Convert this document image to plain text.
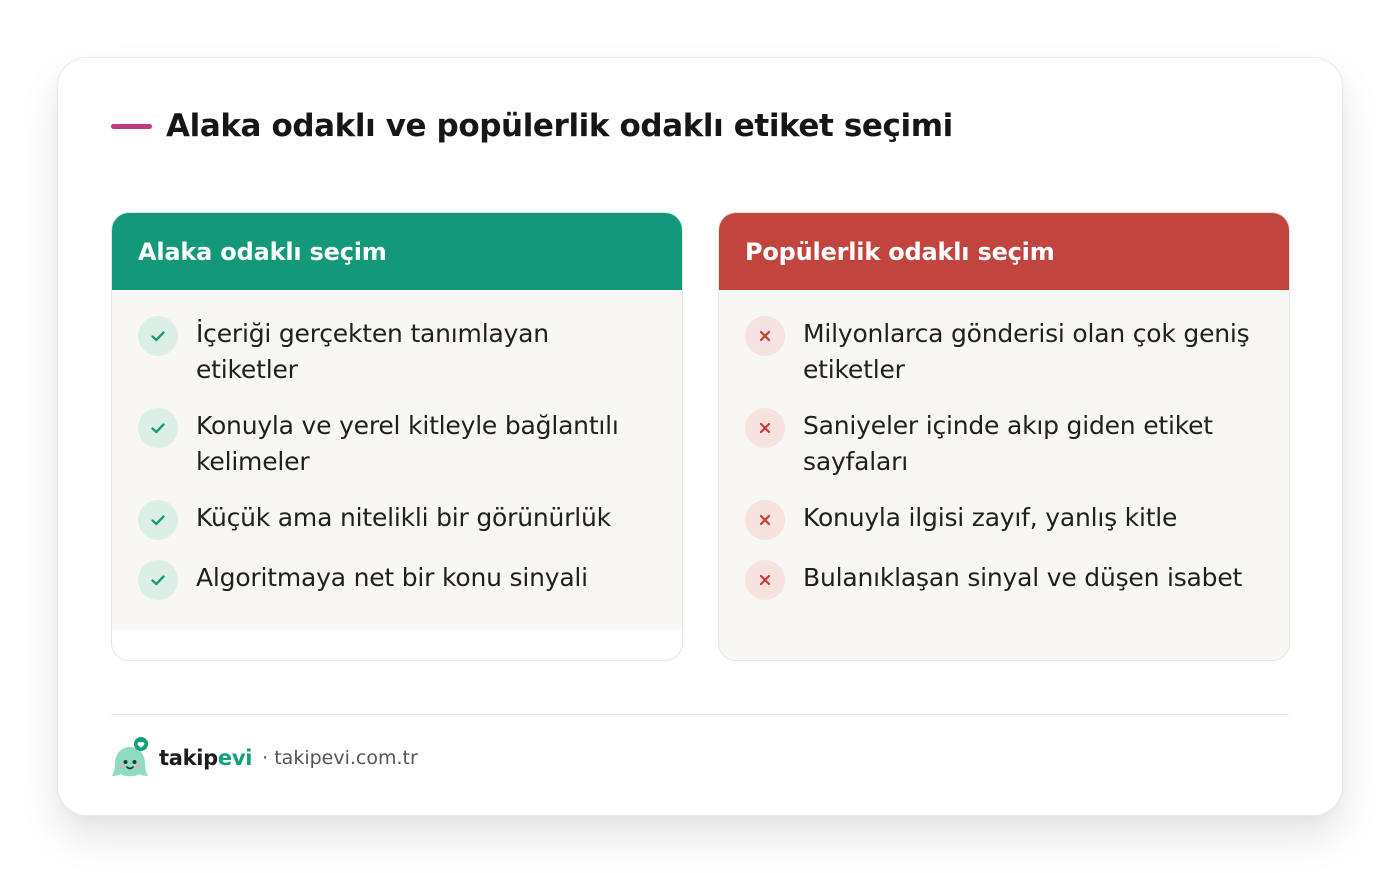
Alaka odaklı ve popülerlik odaklı etiket seçimi
Alaka odaklı seçim
İçeriği gerçekten tanımlayan etiketler
Konuyla ve yerel kitleyle bağlantılı kelimeler
Küçük ama nitelikli bir görünürlük
Algoritmaya net bir konu sinyali
Popülerlik odaklı seçim
Milyonlarca gönderisi olan çok geniş etiketler
Saniyeler içinde akıp giden etiket sayfaları
Konuyla ilgisi zayıf, yanlış kitle
Bulanıklaşan sinyal ve düşen isabet
takipevi · takipevi.com.tr
